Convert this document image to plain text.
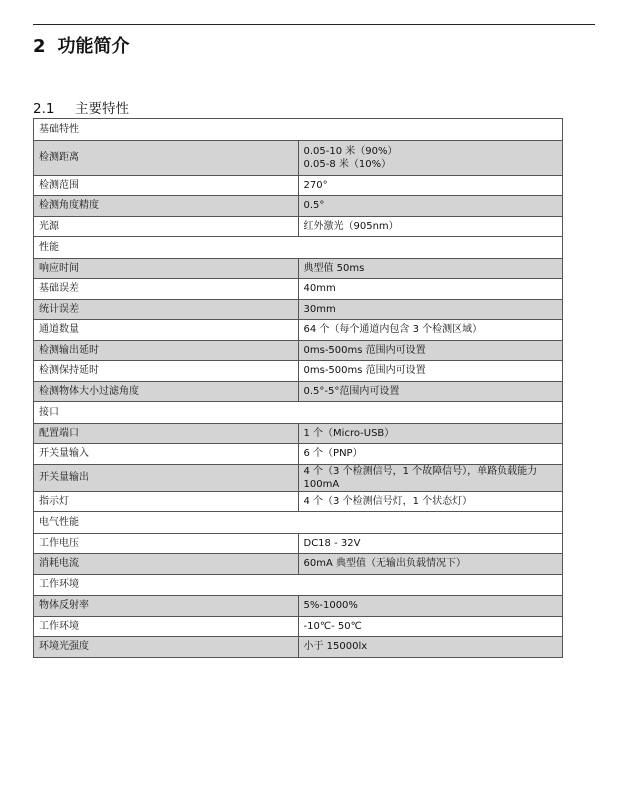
2 功能简介
2.1 主要特性
基础特性	
检测距离	0.05-10 米（90%）
0.05-8 米（10%）

检测范围	270°

检测角度精度	0.5°

光源	红外激光（905nm）

性能	
响应时间	典型值 50ms

基础误差	40mm

统计误差	30mm

通道数量	64 个（每个通道内包含 3 个检测区域）

检测输出延时	0ms-500ms 范围内可设置

检测保持延时	0ms-500ms 范围内可设置

检测物体大小过滤角度	0.5°-5°范围内可设置

接口	
配置端口	1 个（Micro-USB）

开关量输入	6 个（PNP）

开关量输出	4 个（3 个检测信号，1 个故障信号），单路负载能力 100mA

指示灯	4 个（3 个检测信号灯，1 个状态灯）

电气性能	
工作电压	DC18 - 32V

消耗电流	60mA 典型值（无输出负载情况下）

工作环境	
物体反射率	5%-1000%

工作环境	-10℃- 50℃

环境光强度	小于 15000lx
